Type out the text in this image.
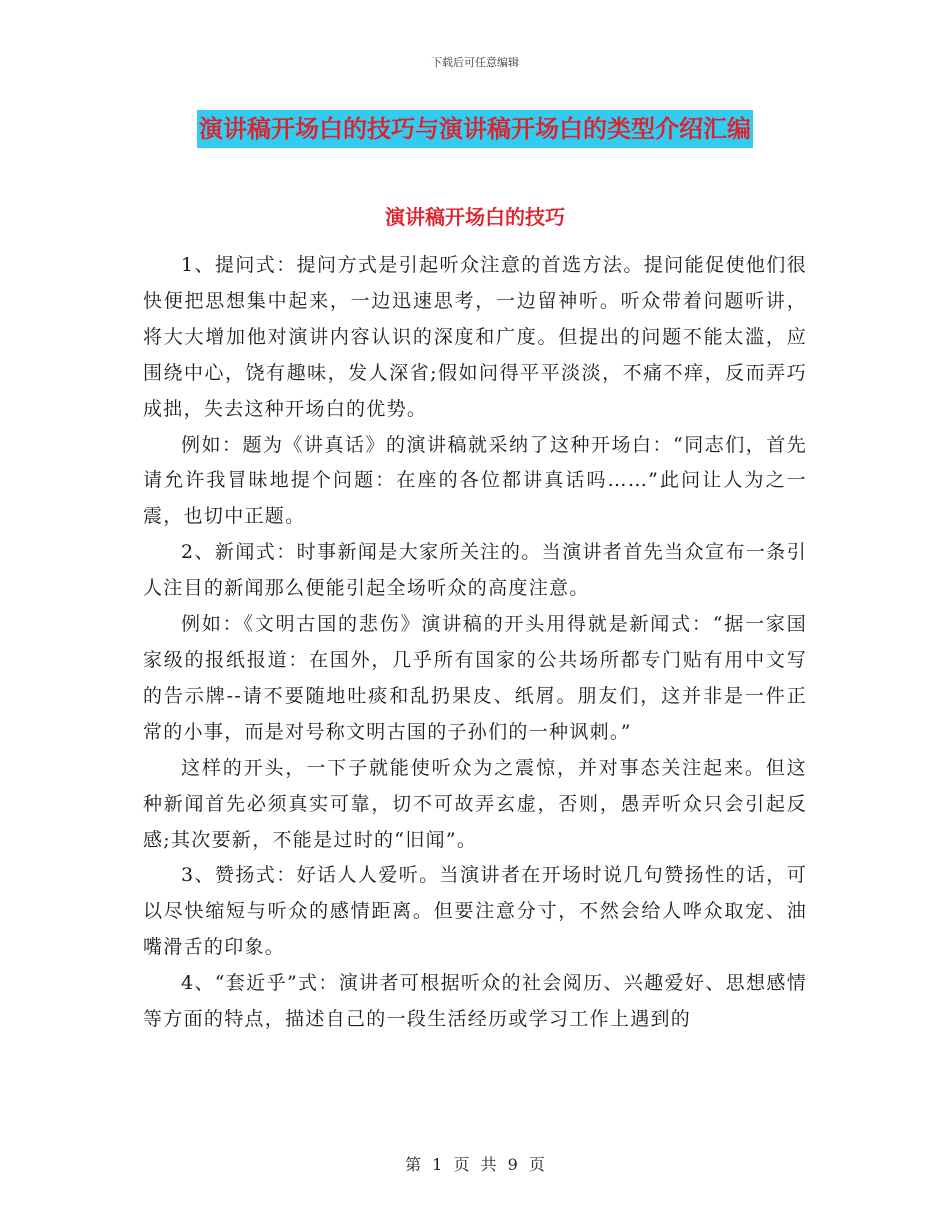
下载后可任意编辑
演讲稿开场白的技巧与演讲稿开场白的类型介绍汇编
演讲稿开场白的技巧

1、提问式：提问方式是引起听众注意的首选方法。提问能促使他们很快便把思想集中起来，一边迅速思考，一边留神听。听众带着问题听讲，将大大增加他对演讲内容认识的深度和广度。但提出的问题不能太滥，应围绕中心，饶有趣味，发人深省;假如问得平平淡淡，不痛不痒，反而弄巧成拙，失去这种开场白的优势。

例如：题为《讲真话》的演讲稿就采纳了这种开场白：“同志们，首先请允许我冒昧地提个问题：在座的各位都讲真话吗……”此问让人为之一震，也切中正题。

2、新闻式：时事新闻是大家所关注的。当演讲者首先当众宣布一条引人注目的新闻那么便能引起全场听众的高度注意。

例如：《文明古国的悲伤》演讲稿的开头用得就是新闻式：“据一家国家级的报纸报道：在国外，几乎所有国家的公共场所都专门贴有用中文写的告示牌--请不要随地吐痰和乱扔果皮、纸屑。朋友们，这并非是一件正常的小事，而是对号称文明古国的子孙们的一种讽刺。”

这样的开头，一下子就能使听众为之震惊，并对事态关注起来。但这种新闻首先必须真实可靠，切不可故弄玄虚，否则，愚弄听众只会引起反感;其次要新，不能是过时的“旧闻”。

3、赞扬式：好话人人爱听。当演讲者在开场时说几句赞扬性的话，可以尽快缩短与听众的感情距离。但要注意分寸，不然会给人哗众取宠、油嘴滑舌的印象。

4、“套近乎”式：演讲者可根据听众的社会阅历、兴趣爱好、思想感情等方面的特点，描述自己的一段生活经历或学习工作上遇到的

第 1 页 共 9 页
